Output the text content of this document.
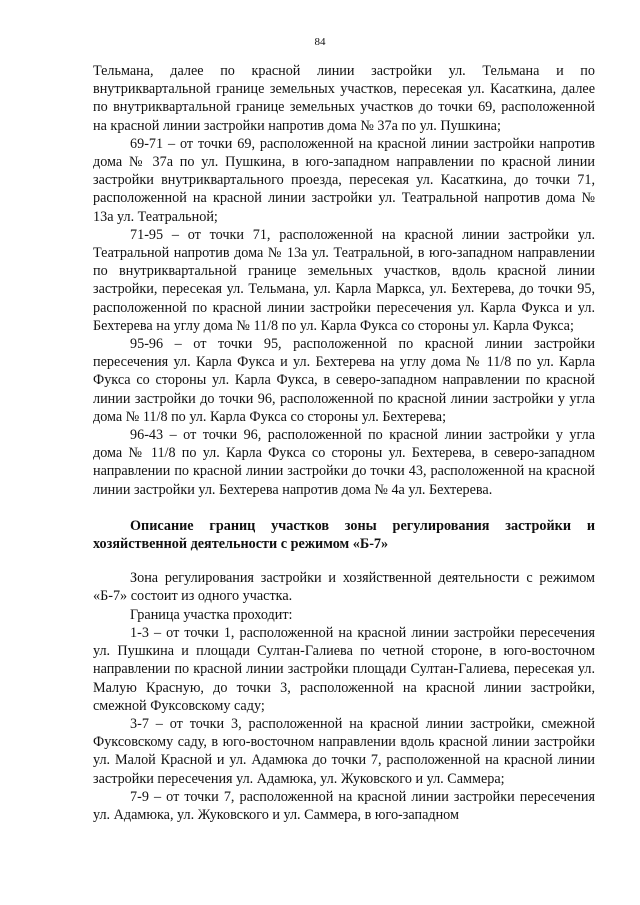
84

Тельмана, далее по красной линии застройки ул. Тельмана и по внутриквартальной границе земельных участков, пересекая ул. Касаткина, далее по внутриквартальной границе земельных участков до точки 69, расположенной на красной линии застройки напротив дома № 37а по ул. Пушкина;

69-71 – от точки 69, расположенной на красной линии застройки напротив дома № 37а по ул. Пушкина, в юго-западном направлении по красной линии застройки внутриквартального проезда, пересекая ул. Касаткина, до точки 71, расположенной на красной линии застройки ул. Театральной напротив дома № 13а ул. Театральной;

71-95 – от точки 71, расположенной на красной линии застройки ул. Театральной напротив дома № 13а ул. Театральной, в юго-западном направлении по внутриквартальной границе земельных участков, вдоль красной линии застройки, пересекая ул. Тельмана, ул. Карла Маркса, ул. Бехтерева, до точки 95, расположенной по красной линии застройки пересечения ул. Карла Фукса и ул. Бехтерева на углу дома № 11/8 по ул. Карла Фукса со стороны ул. Карла Фукса;

95-96 – от точки 95, расположенной по красной линии застройки пересечения ул. Карла Фукса и ул. Бехтерева на углу дома № 11/8 по ул. Карла Фукса со стороны ул. Карла Фукса, в северо-западном направлении по красной линии застройки до точки 96, расположенной по красной линии застройки у угла дома № 11/8 по ул. Карла Фукса со стороны ул. Бехтерева;

96-43 – от точки 96, расположенной по красной линии застройки у угла дома № 11/8 по ул. Карла Фукса со стороны ул. Бехтерева, в северо-западном направлении по красной линии застройки до точки 43, расположенной на красной линии застройки ул. Бехтерева напротив дома № 4а ул. Бехтерева.

Описание границ участков зоны регулирования застройки и хозяйственной деятельности с режимом «Б-7»

Зона регулирования застройки и хозяйственной деятельности с режимом «Б-7» состоит из одного участка.

Граница участка проходит:

1-3 – от точки 1, расположенной на красной линии застройки пересечения ул. Пушкина и площади Султан-Галиева по четной стороне, в юго-восточном направлении по красной линии застройки площади Султан-Галиева, пересекая ул. Малую Красную, до точки 3, расположенной на красной линии застройки, смежной Фуксовскому саду;

3-7 – от точки 3, расположенной на красной линии застройки, смежной Фуксовскому саду, в юго-восточном направлении вдоль красной линии застройки ул. Малой Красной и ул. Адамюка до точки 7, расположенной на красной линии застройки пересечения ул. Адамюка, ул. Жуковского и ул. Саммера;

7-9 – от точки 7, расположенной на красной линии застройки пересечения ул. Адамюка, ул. Жуковского и ул. Саммера, в юго-западном
